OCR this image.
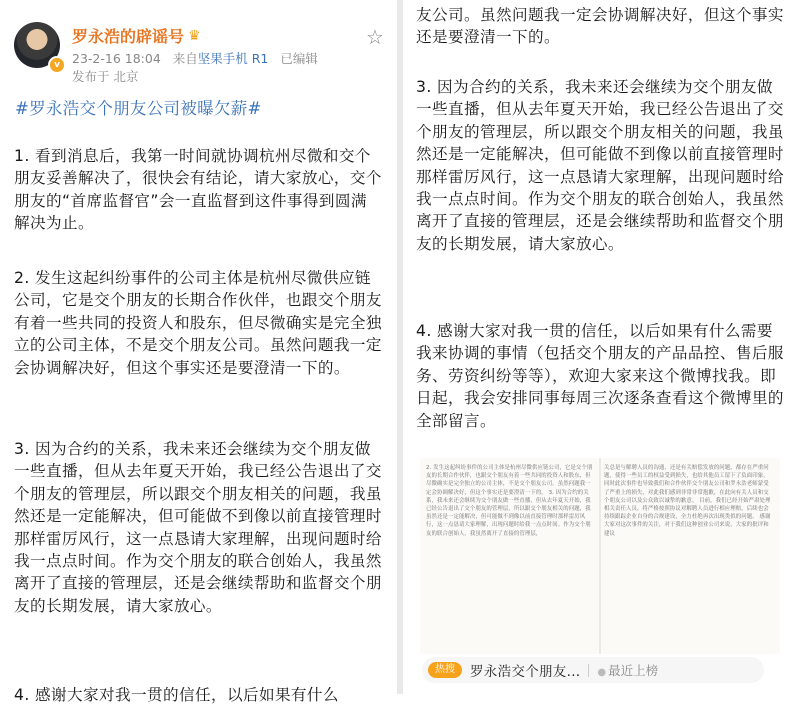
v
罗永浩的辟谣号 ♛
23-2-16 18:04 来自坚果手机 R1 已编辑
发布于 北京
☆
#罗永浩交个朋友公司被曝欠薪#
1. 看到消息后，我第一时间就协调杭州尽微和交个朋友妥善解决了，很快会有结论，请大家放心，交个朋友的“首席监督官”会一直监督到这件事得到圆满解决为止。
2. 发生这起纠纷事件的公司主体是杭州尽微供应链公司，它是交个朋友的长期合作伙伴，也跟交个朋友有着一些共同的投资人和股东，但尽微确实是完全独立的公司主体，不是交个朋友公司。虽然问题我一定会协调解决好，但这个事实还是要澄清一下的。
3. 因为合约的关系，我未来还会继续为交个朋友做一些直播，但从去年夏天开始，我已经公告退出了交个朋友的管理层，所以跟交个朋友相关的问题，我虽然还是一定能解决，但可能做不到像以前直接管理时那样雷厉风行，这一点恳请大家理解，出现问题时给我一点点时间。作为交个朋友的联合创始人，我虽然离开了直接的管理层，还是会继续帮助和监督交个朋友的长期发展，请大家放心。
4. 感谢大家对我一贯的信任，以后如果有什么
友公司。虽然问题我一定会协调解决好，但这个事实还是要澄清一下的。
3. 因为合约的关系，我未来还会继续为交个朋友做一些直播，但从去年夏天开始，我已经公告退出了交个朋友的管理层，所以跟交个朋友相关的问题，我虽然还是一定能解决，但可能做不到像以前直接管理时那样雷厉风行，这一点恳请大家理解，出现问题时给我一点点时间。作为交个朋友的联合创始人，我虽然离开了直接的管理层，还是会继续帮助和监督交个朋友的长期发展，请大家放心。
4. 感谢大家对我一贯的信任，以后如果有什么需要我来协调的事情（包括交个朋友的产品品控、售后服务、劳资纠纷等等），欢迎大家来这个微博找我。即日起，我会安排同事每周三次逐条查看这个微博里的全部留言。
2. 发生这起纠纷事件的公司主体是杭州尽微供应链公司，它是交个朋友的长期合作伙伴，也跟交个朋友有着一些共同的投资人和股东，但尽微确实是完全独立的公司主体，不是交个朋友公司。虽然问题我一定会协调解决好，但这个事实还是要澄清一下的。 3. 因为合约的关系，我未来还会继续为交个朋友做一些直播，但从去年夏天开始，我已经公告退出了交个朋友的管理层，所以跟交个朋友相关的问题，我虽然还是一定能解决，但可能做不到像以前直接管理时那样雷厉风行，这一点恳请大家理解，出现问题时给我一点点时间。作为交个朋友的联合创始人，我虽然离开了直接的管理层，
关总是与解聘人员的沟通，还是有关赔偿发放的问题，都存在严重问题，使得一些员工的权益受到损失，也给其他员工留下了负面印象。同时此次事件也导致我们和合作伙伴交个朋友公司和罗永浩老师蒙受了严重上的损失，对此我们感到非常非常抱歉，在此向有关人员和交个朋友公司以及公众致以诚挚的歉意。 目前，我们已经开始严肃处理相关责任人员，将严格按照协议对解聘人员进行相应理赔，后续也会持续跟踪企业自身的合规建设，全力杜绝再次出现类似的问题。 感谢大家对这次事件的关注，对于我们这种创业公司来说，大家的批评和建议
热搜	罗永浩交个朋友... ● 最近上榜
